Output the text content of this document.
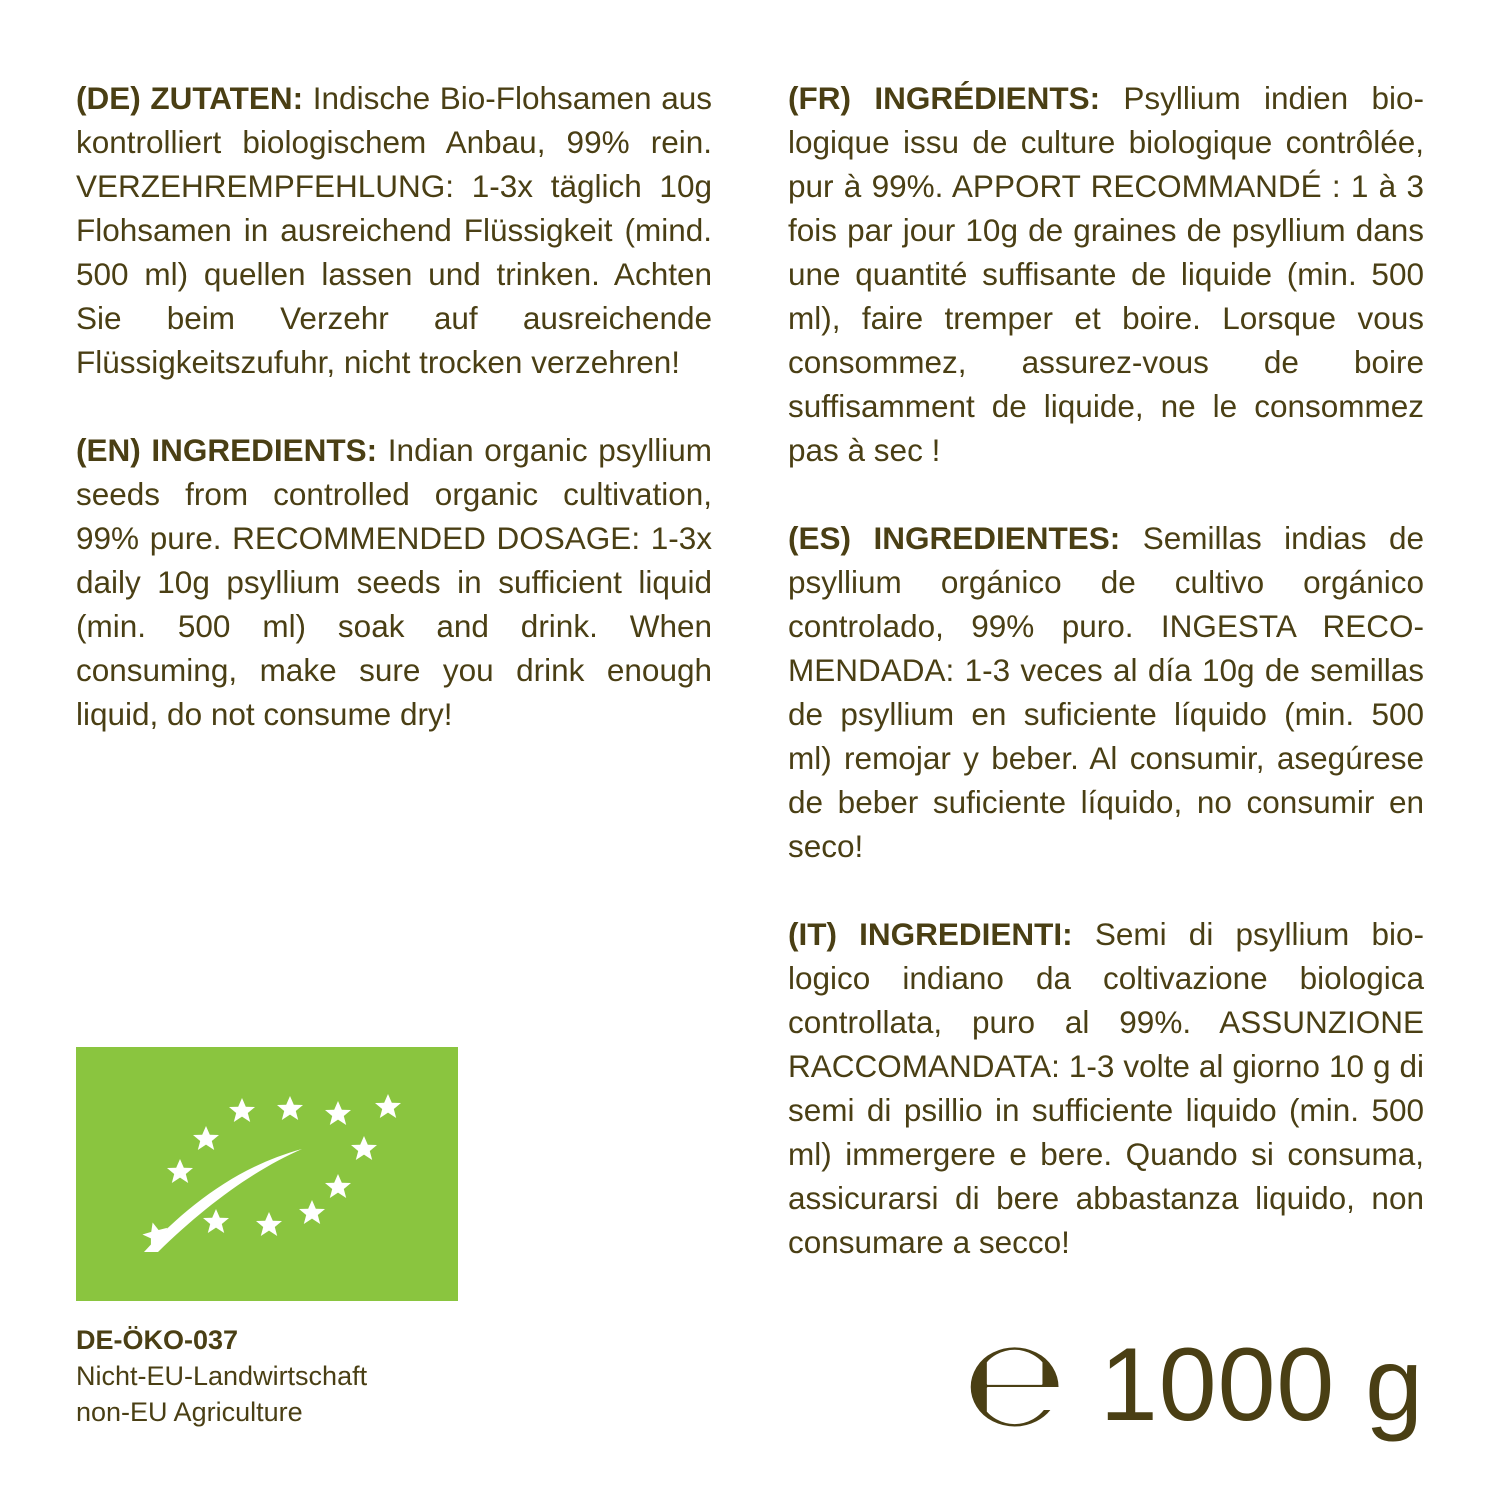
(DE) ZUTATEN: Indische Bio-Flohsamen aus kontrolliert biologischem Anbau, 99% rein. VERZEHREMPFEHLUNG: 1-3x täglich 10g Flohsamen in ausreichend Flüssigkeit (mind. 500 ml) quellen lassen und trinken. Achten Sie beim Verzehr auf ausreichende Flüssigkeitszufuhr, nicht trocken verzehren!

(EN) INGREDIENTS: Indian organic psyllium seeds from controlled organic cultivation, 99% pure. RECOMMENDED DOSAGE: 1-3x daily 10g psyllium seeds in sufficient liquid (min. 500 ml) soak and drink. When consuming, make sure you drink enough liquid, do not consume dry!

(FR) INGRÉDIENTS: Psyllium indien biologique issu de culture biologique contrôlée, pur à 99%. APPORT RECOMMANDÉ : 1 à 3 fois par jour 10g de graines de psyllium dans une quantité suffisante de liquide (min. 500 ml), faire tremper et boire. Lorsque vous consommez, assurez-vous de boire suffisamment de liquide, ne le consommez pas à sec !

(ES) INGREDIENTES: Semillas indias de psyllium orgánico de cultivo orgánico controlado, 99% puro. INGESTA RECOMENDADA: 1-3 veces al día 10g de semillas de psyllium en suficiente líquido (min. 500 ml) remojar y beber. Al consumir, asegúrese de beber suficiente líquido, no consumir en seco!

(IT) INGREDIENTI: Semi di psyllium biologico indiano da coltivazione biologica controllata, puro al 99%. ASSUNZIONE RACCOMANDATA: 1-3 volte al giorno 10 g di semi di psillio in sufficiente liquido (min. 500 ml) immergere e bere. Quando si consuma, assicurarsi di bere abbastanza liquido, non consumare a secco!

DE-ÖKO-037
Nicht-EU-Landwirtschaft
non-EU Agriculture	℮ 1000 g
